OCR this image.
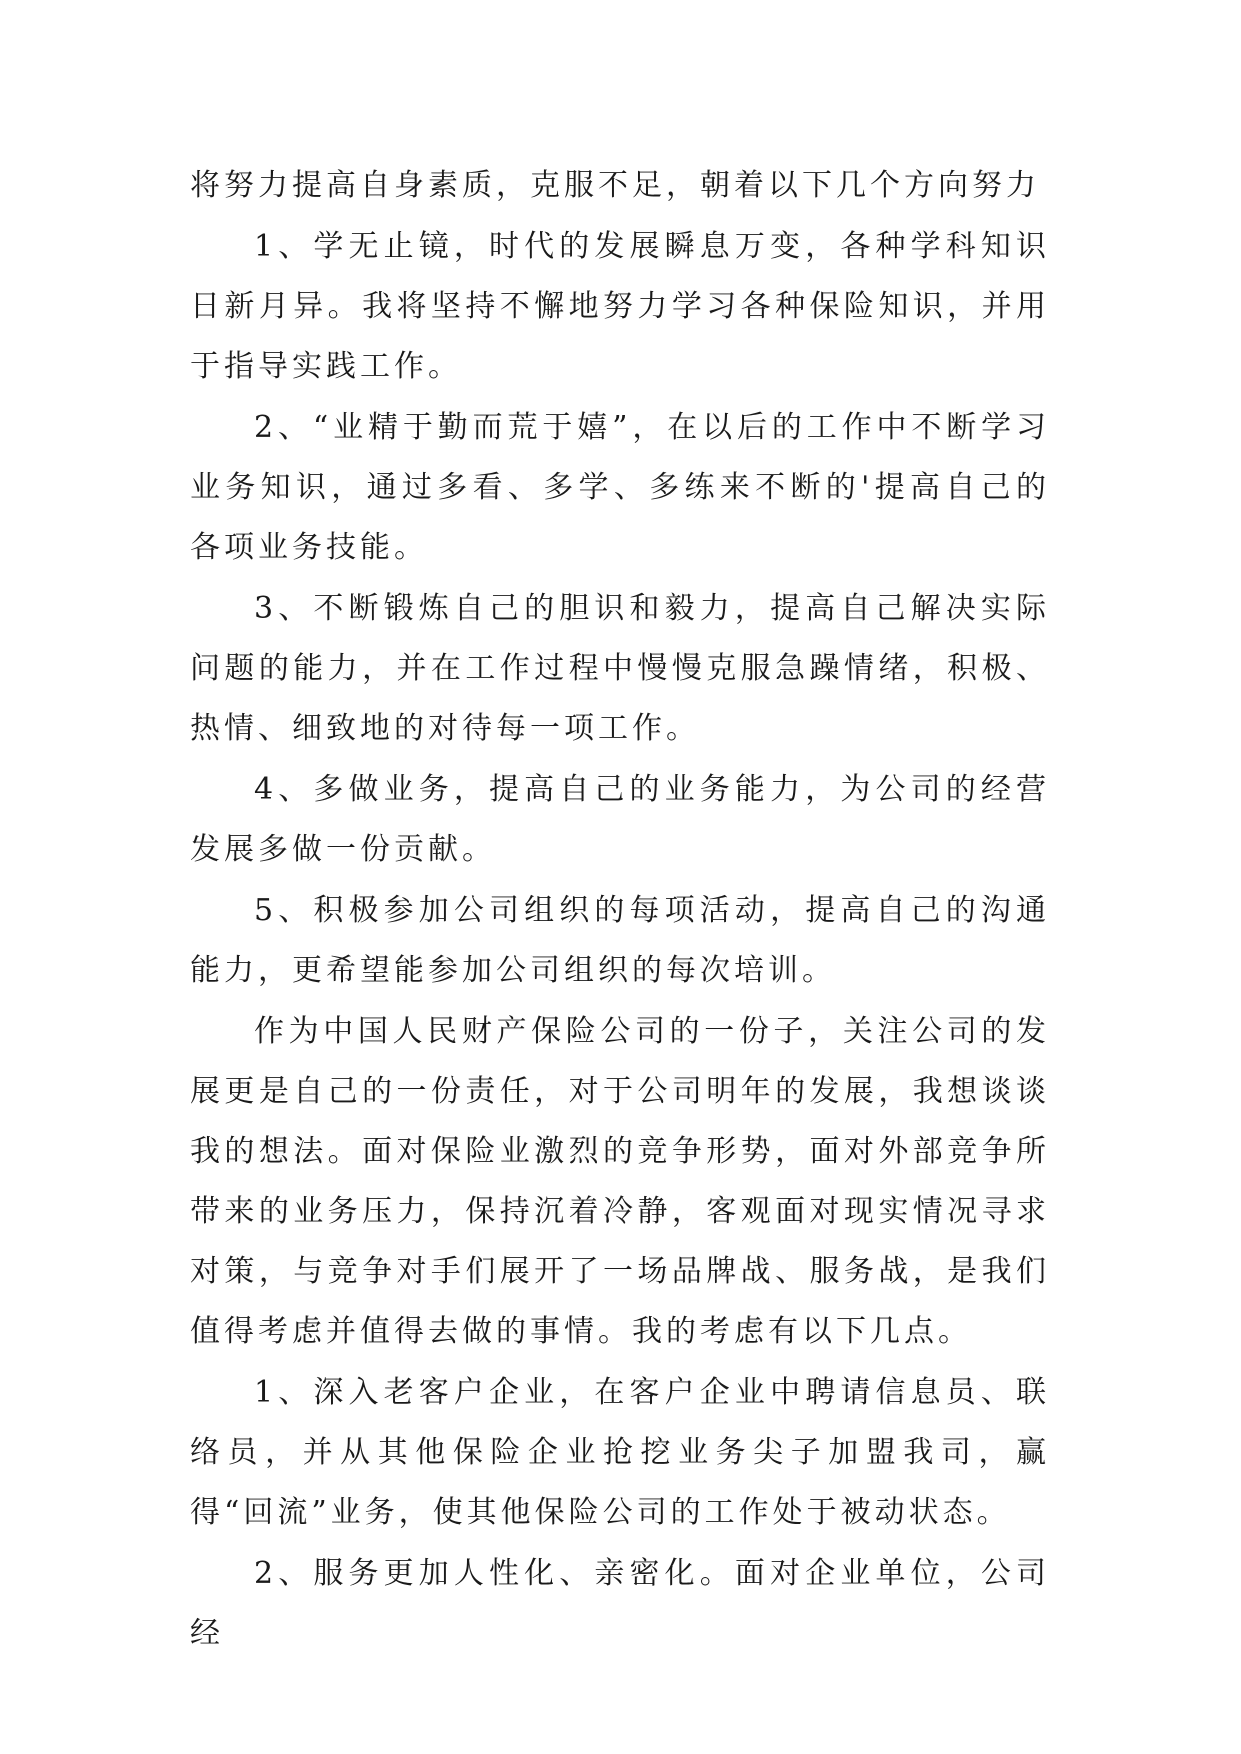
将努力提高自身素质，克服不足，朝着以下几个方向努力

1、学无止镜，时代的发展瞬息万变，各种学科知识日新月异。我将坚持不懈地努力学习各种保险知识，并用于指导实践工作。

2、“业精于勤而荒于嬉”，在以后的工作中不断学习业务知识，通过多看、多学、多练来不断的'提高自己的各项业务技能。

3、不断锻炼自己的胆识和毅力，提高自己解决实际问题的能力，并在工作过程中慢慢克服急躁情绪，积极、热情、细致地的对待每一项工作。

4、多做业务，提高自己的业务能力，为公司的经营发展多做一份贡献。

5、积极参加公司组织的每项活动，提高自己的沟通能力，更希望能参加公司组织的每次培训。

作为中国人民财产保险公司的一份子，关注公司的发展更是自己的一份责任，对于公司明年的发展，我想谈谈我的想法。面对保险业激烈的竞争形势，面对外部竞争所带来的业务压力，保持沉着冷静，客观面对现实情况寻求对策，与竞争对手们展开了一场品牌战、服务战，是我们值得考虑并值得去做的事情。我的考虑有以下几点。

1、深入老客户企业，在客户企业中聘请信息员、联络员，并从其他保险企业抢挖业务尖子加盟我司，赢得“回流”业务，使其他保险公司的工作处于被动状态。

2、服务更加人性化、亲密化。面对企业单位，公司经
